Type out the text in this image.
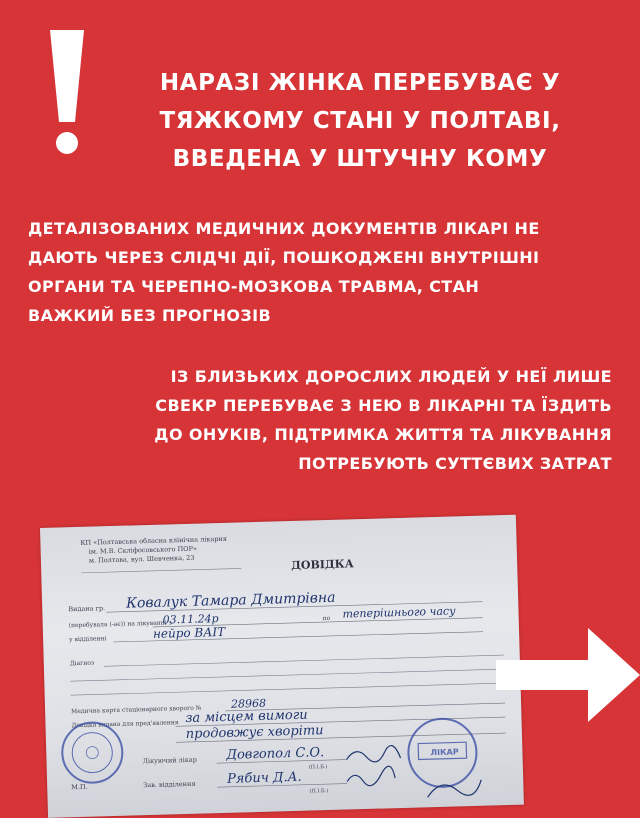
НАРАЗІ ЖІНКА ПЕРЕБУВАЄ У
ТЯЖКОМУ СТАНІ У ПОЛТАВІ,
ВВЕДЕНА У ШТУЧНУ КОМУ

ДЕТАЛІЗОВАНИХ МЕДИЧНИХ ДОКУМЕНТІВ ЛІКАРІ НЕ
ДАЮТЬ ЧЕРЕЗ СЛІДЧІ ДІЇ, ПОШКОДЖЕНІ ВНУТРІШНІ
ОРГАНИ ТА ЧЕРЕПНО-МОЗКОВА ТРАВМА, СТАН
ВАЖКИЙ БЕЗ ПРОГНОЗІВ

ІЗ БЛИЗЬКИХ ДОРОСЛИХ ЛЮДЕЙ У НЕЇ ЛИШЕ
СВЕКР ПЕРЕБУВАЄ З НЕЮ В ЛІКАРНІ ТА ЇЗДИТЬ
ДО ОНУКІВ, ПІДТРИМКА ЖИТТЯ ТА ЛІКУВАННЯ
ПОТРЕБУЮТЬ СУТТЄВИХ ЗАТРАТ

КП «Полтавська обласна клінічна лікарня
ім. М.В. Скліфосовського ПОР»
м. Полтава, вул. Шевченка, 23	ДОВІДКА
Видана гр. Ковалук Тамара Дмитрівна
(перебувала (-ає)) на лікуванні з
03.11.24р	по теперішнього часу
у відділенні	нейро ВАІТ
Діагноз
Медична карта стаціонарного хворого №	28968
Довідка видана для пред'явлення за місцем вимоги
продовжує хворіти
Лікуючий лікар Довгопол С.О.
(П.І.Б.)
М.П.	Зав. відділення Рябич Д.А.
(П.І.Б.)
ЛІКАР
